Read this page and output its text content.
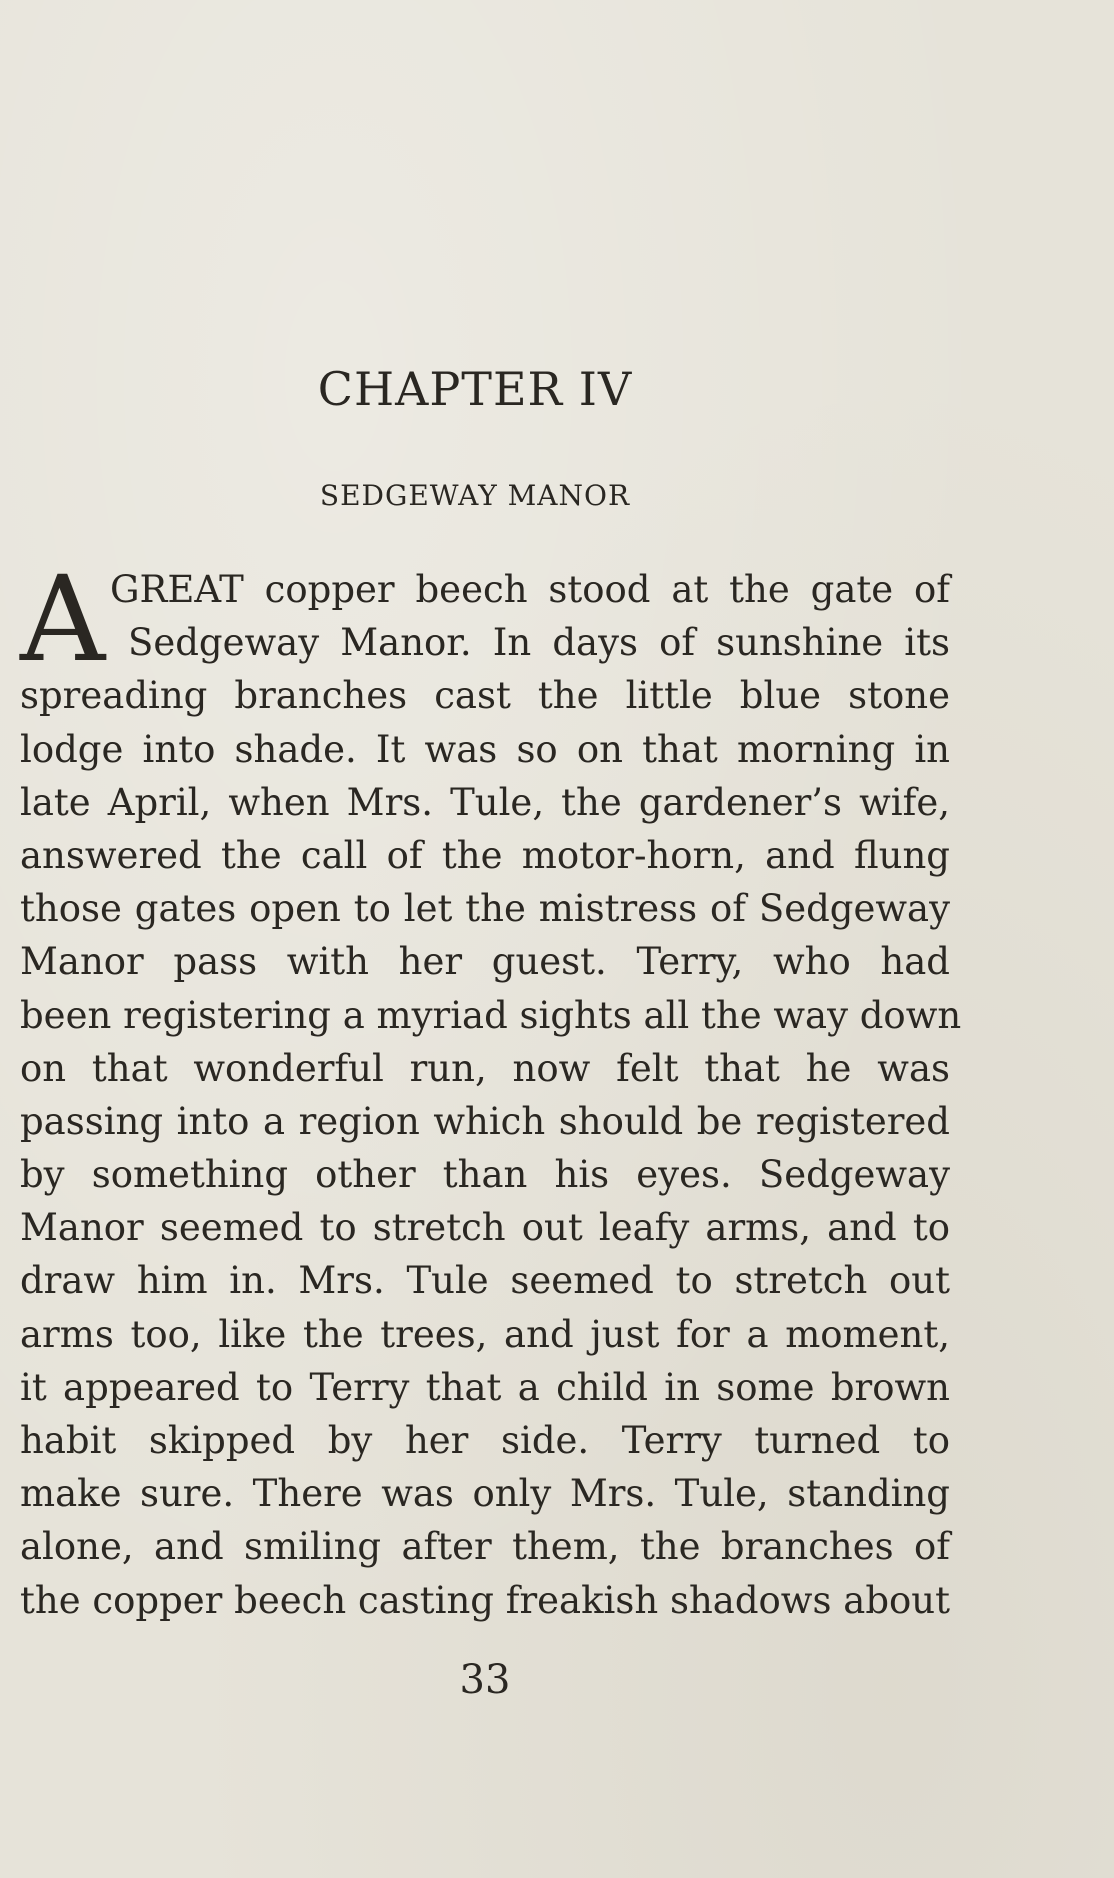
CHAPTER IV
SEDGEWAY MANOR
A GREAT copper beech stood at the gate of
Sedgeway Manor. In days of sunshine its
spreading branches cast the little blue stone
lodge into shade. It was so on that morning in
late April, when Mrs. Tule, the gardener’s wife,
answered the call of the motor-horn, and flung
those gates open to let the mistress of Sedgeway
Manor pass with her guest. Terry, who had
been registering a myriad sights all the way down
on that wonderful run, now felt that he was
passing into a region which should be registered
by something other than his eyes. Sedgeway
Manor seemed to stretch out leafy arms, and to
draw him in. Mrs. Tule seemed to stretch out
arms too, like the trees, and just for a moment,
it appeared to Terry that a child in some brown
habit skipped by her side. Terry turned to
make sure. There was only Mrs. Tule, standing
alone, and smiling after them, the branches of
the copper beech casting freakish shadows about
33
